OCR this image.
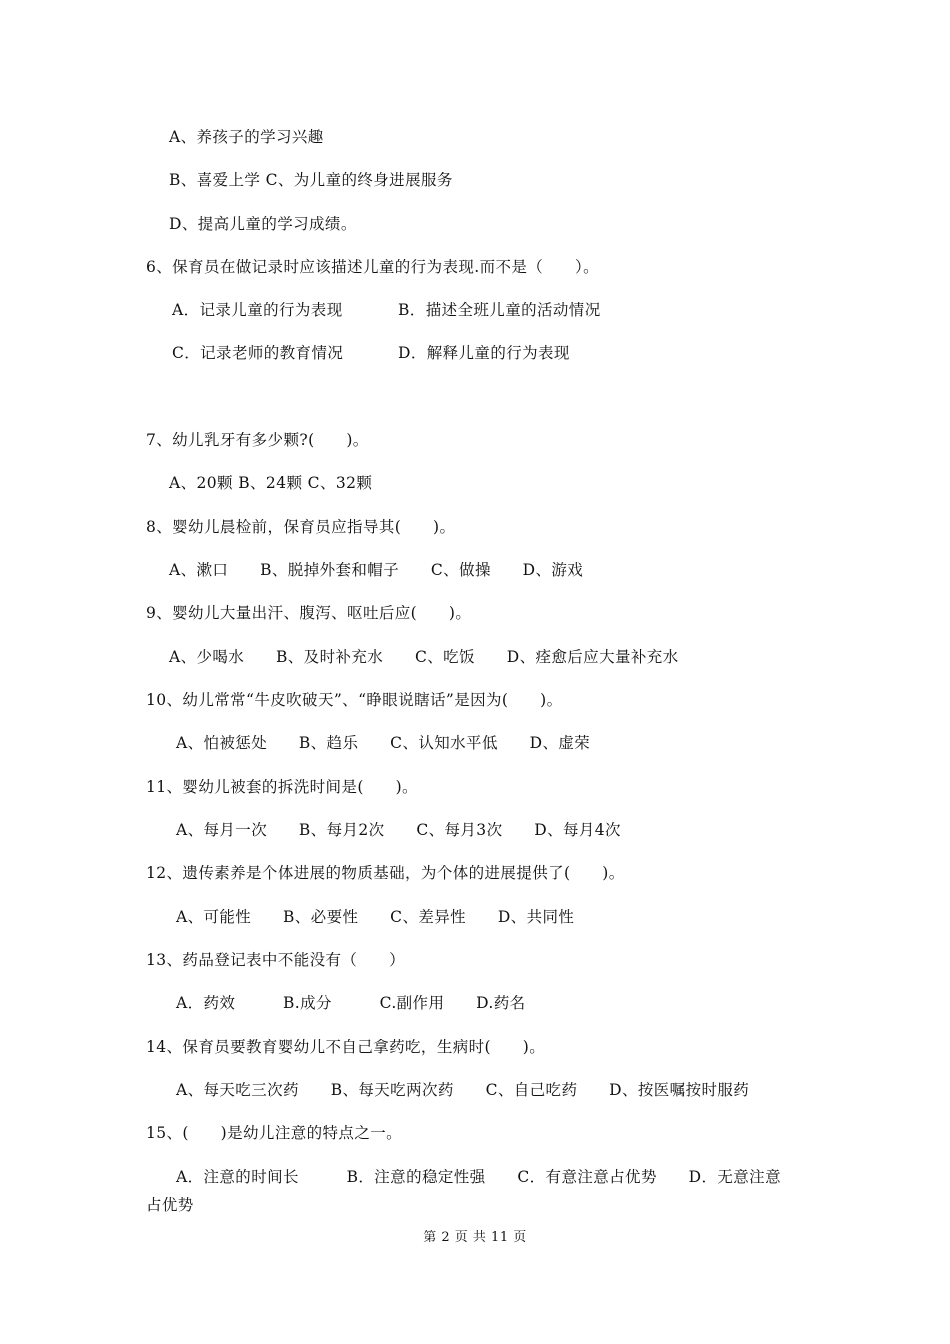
A、养孩子的学习兴趣
B、喜爱上学 C、为儿童的终身进展服务
D、提高儿童的学习成绩。
6、保育员在做记录时应该描述儿童的行为表现.而不是（　　）。
A．记录儿童的行为表现	B．描述全班儿童的活动情况
C．记录老师的教育情况	D．解释儿童的行为表现
7、幼儿乳牙有多少颗?(　　)。
A、20颗 B、24颗 C、32颗
8、婴幼儿晨检前，保育员应指导其(　　)。
A、漱口　　B、脱掉外套和帽子　　C、做操　　D、游戏
9、婴幼儿大量出汗、腹泻、呕吐后应(　　)。
A、少喝水　　B、及时补充水　　C、吃饭　　D、痊愈后应大量补充水
10、幼儿常常“牛皮吹破天”、“睁眼说瞎话”是因为(　　)。
A、怕被惩处　　B、趋乐　　C、认知水平低　　D、虚荣
11、婴幼儿被套的拆洗时间是(　　)。
A、每月一次　　B、每月2次　　C、每月3次　　D、每月4次
12、遗传素养是个体进展的物质基础，为个体的进展提供了(　　)。
A、可能性　　B、必要性　　C、差异性　　D、共同性
13、药品登记表中不能没有（　　）
A．药效　　　B.成分　　　C.副作用　　D.药名
14、保育员要教育婴幼儿不自己拿药吃，生病时(　　)。
A、每天吃三次药　　B、每天吃两次药　　C、自己吃药　　D、按医嘱按时服药
15、(　　)是幼儿注意的特点之一。
A．注意的时间长　　　B．注意的稳定性强　　C．有意注意占优势　　D．无意注意
占优势
第 2 页 共 11 页
